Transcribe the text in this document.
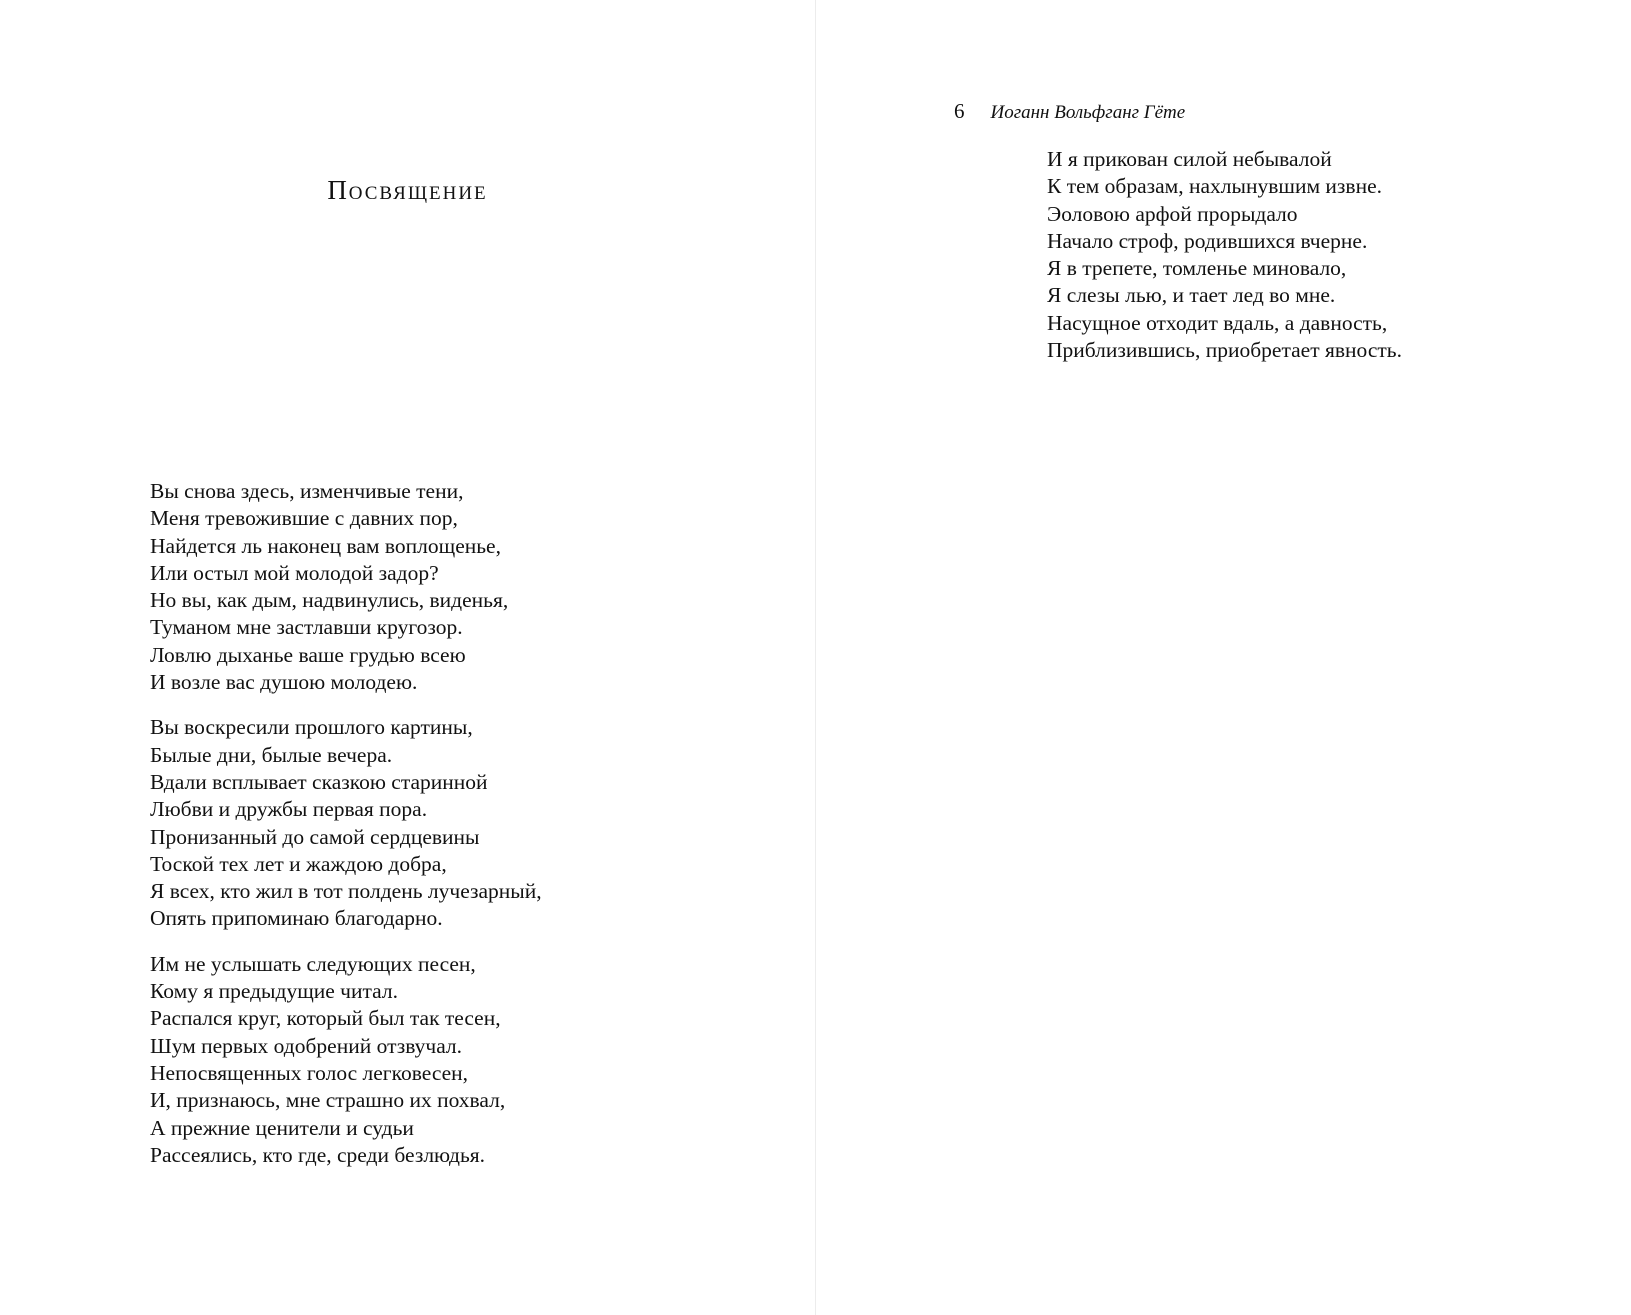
Посвящение
Вы снова здесь, изменчивые тени,
Меня тревожившие с давних пор,
Найдется ль наконец вам воплощенье,
Или остыл мой молодой задор?
Но вы, как дым, надвинулись, виденья,
Туманом мне застлавши кругозор.
Ловлю дыханье ваше грудью всею
И возле вас душою молодею.
Вы воскресили прошлого картины,
Былые дни, былые вечера.
Вдали всплывает сказкою старинной
Любви и дружбы первая пора.
Пронизанный до самой сердцевины
Тоской тех лет и жаждою добра,
Я всех, кто жил в тот полдень лучезарный,
Опять припоминаю благодарно.
Им не услышать следующих песен,
Кому я предыдущие читал.
Распался круг, который был так тесен,
Шум первых одобрений отзвучал.
Непосвященных голос легковесен,
И, признаюсь, мне страшно их похвал,
А прежние ценители и судьи
Рассеялись, кто где, среди безлюдья.
6 Иоганн Вольфганг Гёте
И я прикован силой небывалой
К тем образам, нахлынувшим извне.
Эоловою арфой прорыдало
Начало строф, родившихся вчерне.
Я в трепете, томленье миновало,
Я слезы лью, и тает лед во мне.
Насущное отходит вдаль, а давность,
Приблизившись, приобретает явность.
